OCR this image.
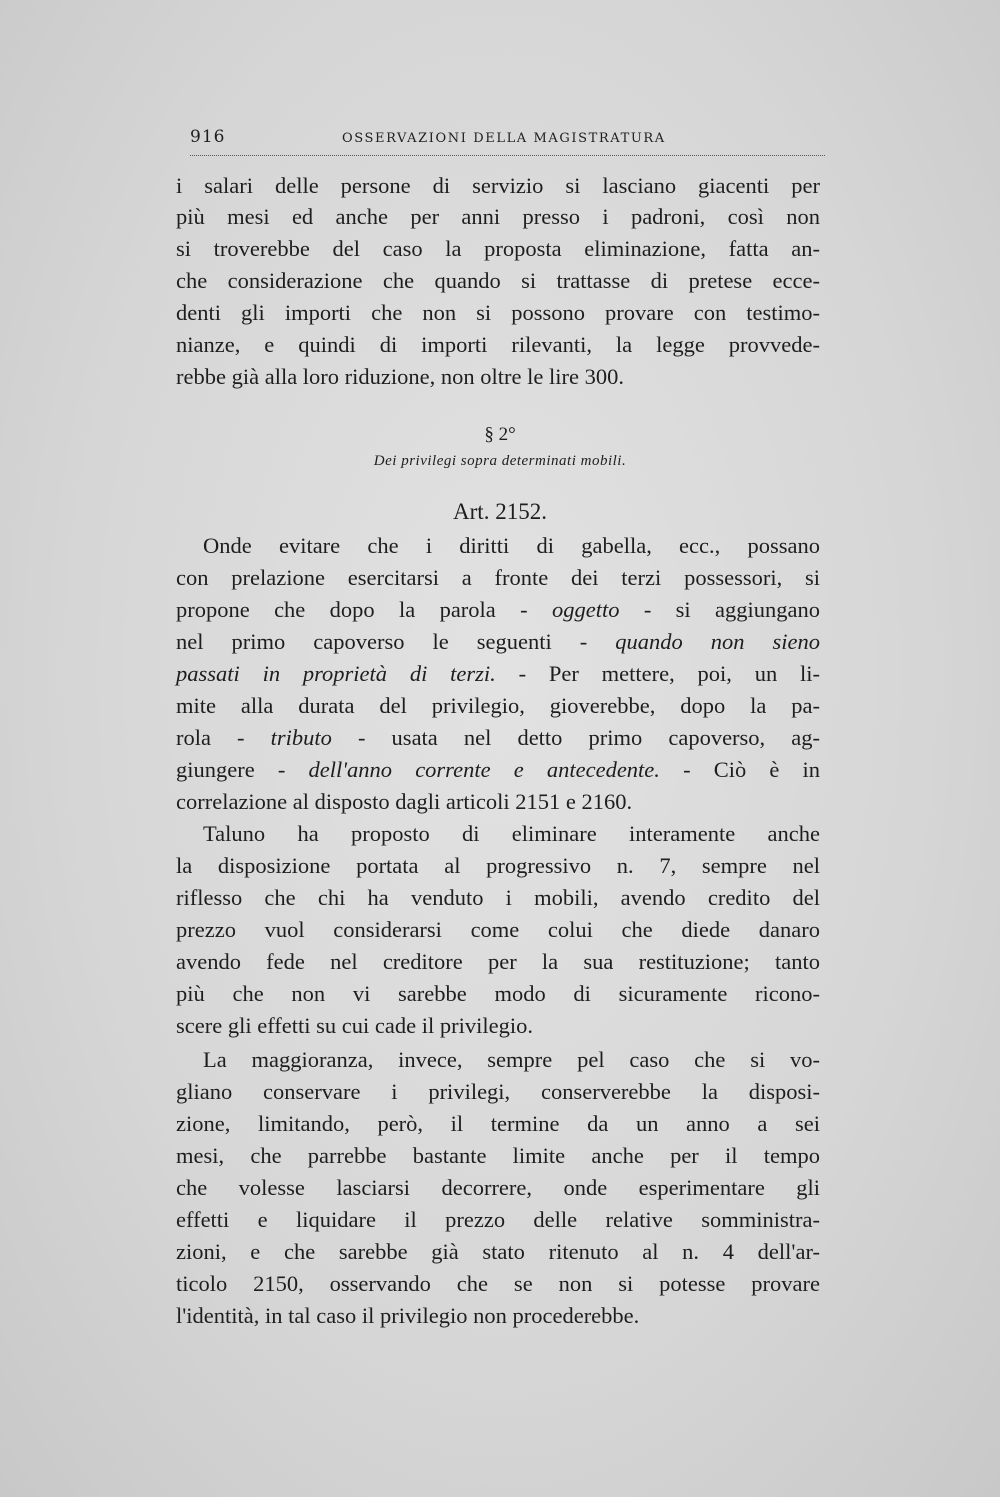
916	OSSERVAZIONI DELLA MAGISTRATURA
i salari delle persone di servizio si lasciano giacenti per
più mesi ed anche per anni presso i padroni, così non
si troverebbe del caso la proposta eliminazione, fatta an-
che considerazione che quando si trattasse di pretese ecce-
denti gli importi che non si possono provare con testimo-
nianze, e quindi di importi rilevanti, la legge provvede-
rebbe già alla loro riduzione, non oltre le lire 300.
§ 2°
Dei privilegi sopra determinati mobili.
Art. 2152.
Onde evitare che i diritti di gabella, ecc., possano
con prelazione esercitarsi a fronte dei terzi possessori, si
propone che dopo la parola - oggetto - si aggiungano
nel primo capoverso le seguenti - quando non sieno
passati in proprietà di terzi. - Per mettere, poi, un li-
mite alla durata del privilegio, gioverebbe, dopo la pa-
rola - tributo - usata nel detto primo capoverso, ag-
giungere - dell'anno corrente e antecedente. - Ciò è in
correlazione al disposto dagli articoli 2151 e 2160.
Taluno ha proposto di eliminare interamente anche
la disposizione portata al progressivo n. 7, sempre nel
riflesso che chi ha venduto i mobili, avendo credito del
prezzo vuol considerarsi come colui che diede danaro
avendo fede nel creditore per la sua restituzione; tanto
più che non vi sarebbe modo di sicuramente ricono-
scere gli effetti su cui cade il privilegio.
La maggioranza, invece, sempre pel caso che si vo-
gliano conservare i privilegi, conserverebbe la disposi-
zione, limitando, però, il termine da un anno a sei
mesi, che parrebbe bastante limite anche per il tempo
che volesse lasciarsi decorrere, onde esperimentare gli
effetti e liquidare il prezzo delle relative somministra-
zioni, e che sarebbe già stato ritenuto al n. 4 dell'ar-
ticolo 2150, osservando che se non si potesse provare
l'identità, in tal caso il privilegio non procederebbe.
